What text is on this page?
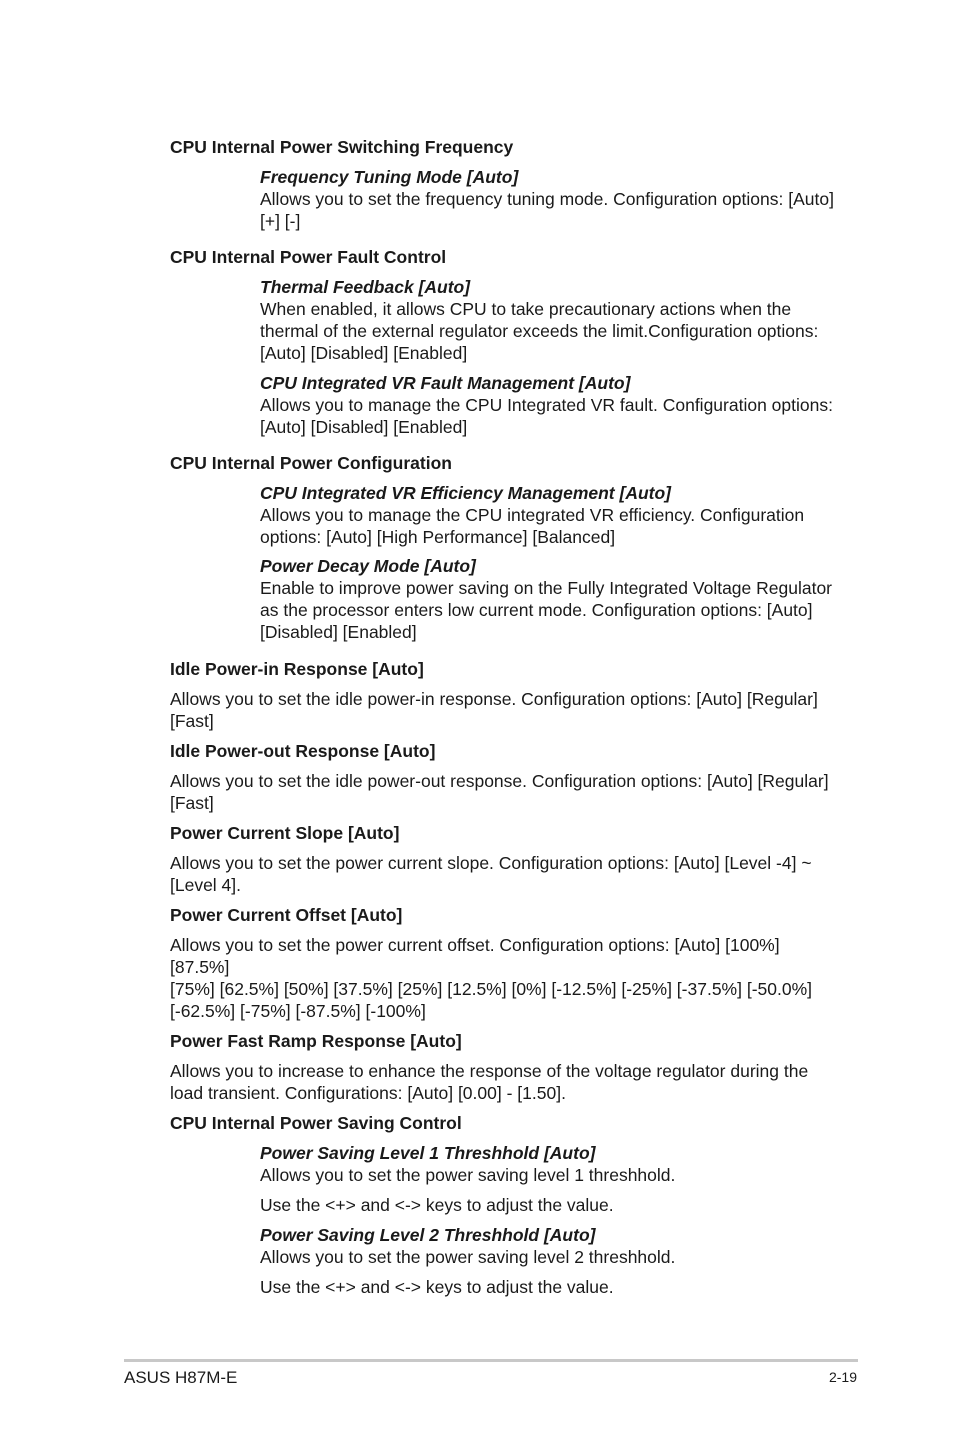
CPU Internal Power Switching Frequency
Frequency Tuning Mode [Auto]
Allows you to set the frequency tuning mode. Configuration options: [Auto]
[+] [-]
CPU Internal Power Fault Control
Thermal Feedback [Auto]
When enabled, it allows CPU to take precautionary actions when the
thermal of the external regulator exceeds the limit.Configuration options:
[Auto] [Disabled] [Enabled]
CPU Integrated VR Fault Management [Auto]
Allows you to manage the CPU Integrated VR fault. Configuration options:
[Auto] [Disabled] [Enabled]
CPU Internal Power Configuration
CPU Integrated VR Efficiency Management [Auto]
Allows you to manage the CPU integrated VR efficiency. Configuration
options: [Auto] [High Performance] [Balanced]
Power Decay Mode [Auto]
Enable to improve power saving on the Fully Integrated Voltage Regulator
as the processor enters low current mode. Configuration options: [Auto]
[Disabled] [Enabled]
Idle Power-in Response [Auto]
Allows you to set the idle power-in response. Configuration options: [Auto] [Regular]
[Fast]
Idle Power-out Response [Auto]
Allows you to set the idle power-out response. Configuration options: [Auto] [Regular]
[Fast]
Power Current Slope [Auto]
Allows you to set the power current slope. Configuration options: [Auto] [Level -4] ~
[Level 4].
Power Current Offset [Auto]
Allows you to set the power current offset. Configuration options: [Auto] [100%] [87.5%]
[75%] [62.5%] [50%] [37.5%] [25%] [12.5%] [0%] [-12.5%] [-25%] [-37.5%] [-50.0%]
[-62.5%] [-75%] [-87.5%] [-100%]
Power Fast Ramp Response [Auto]
Allows you to increase to enhance the response of the voltage regulator during the
load transient. Configurations: [Auto] [0.00] - [1.50].
CPU Internal Power Saving Control
Power Saving Level 1 Threshhold [Auto]
Allows you to set the power saving level 1 threshhold.
Use the <+> and <-> keys to adjust the value.
Power Saving Level 2 Threshhold [Auto]
Allows you to set the power saving level 2 threshhold.
Use the <+> and <-> keys to adjust the value.
ASUS H87M-E	2-19
